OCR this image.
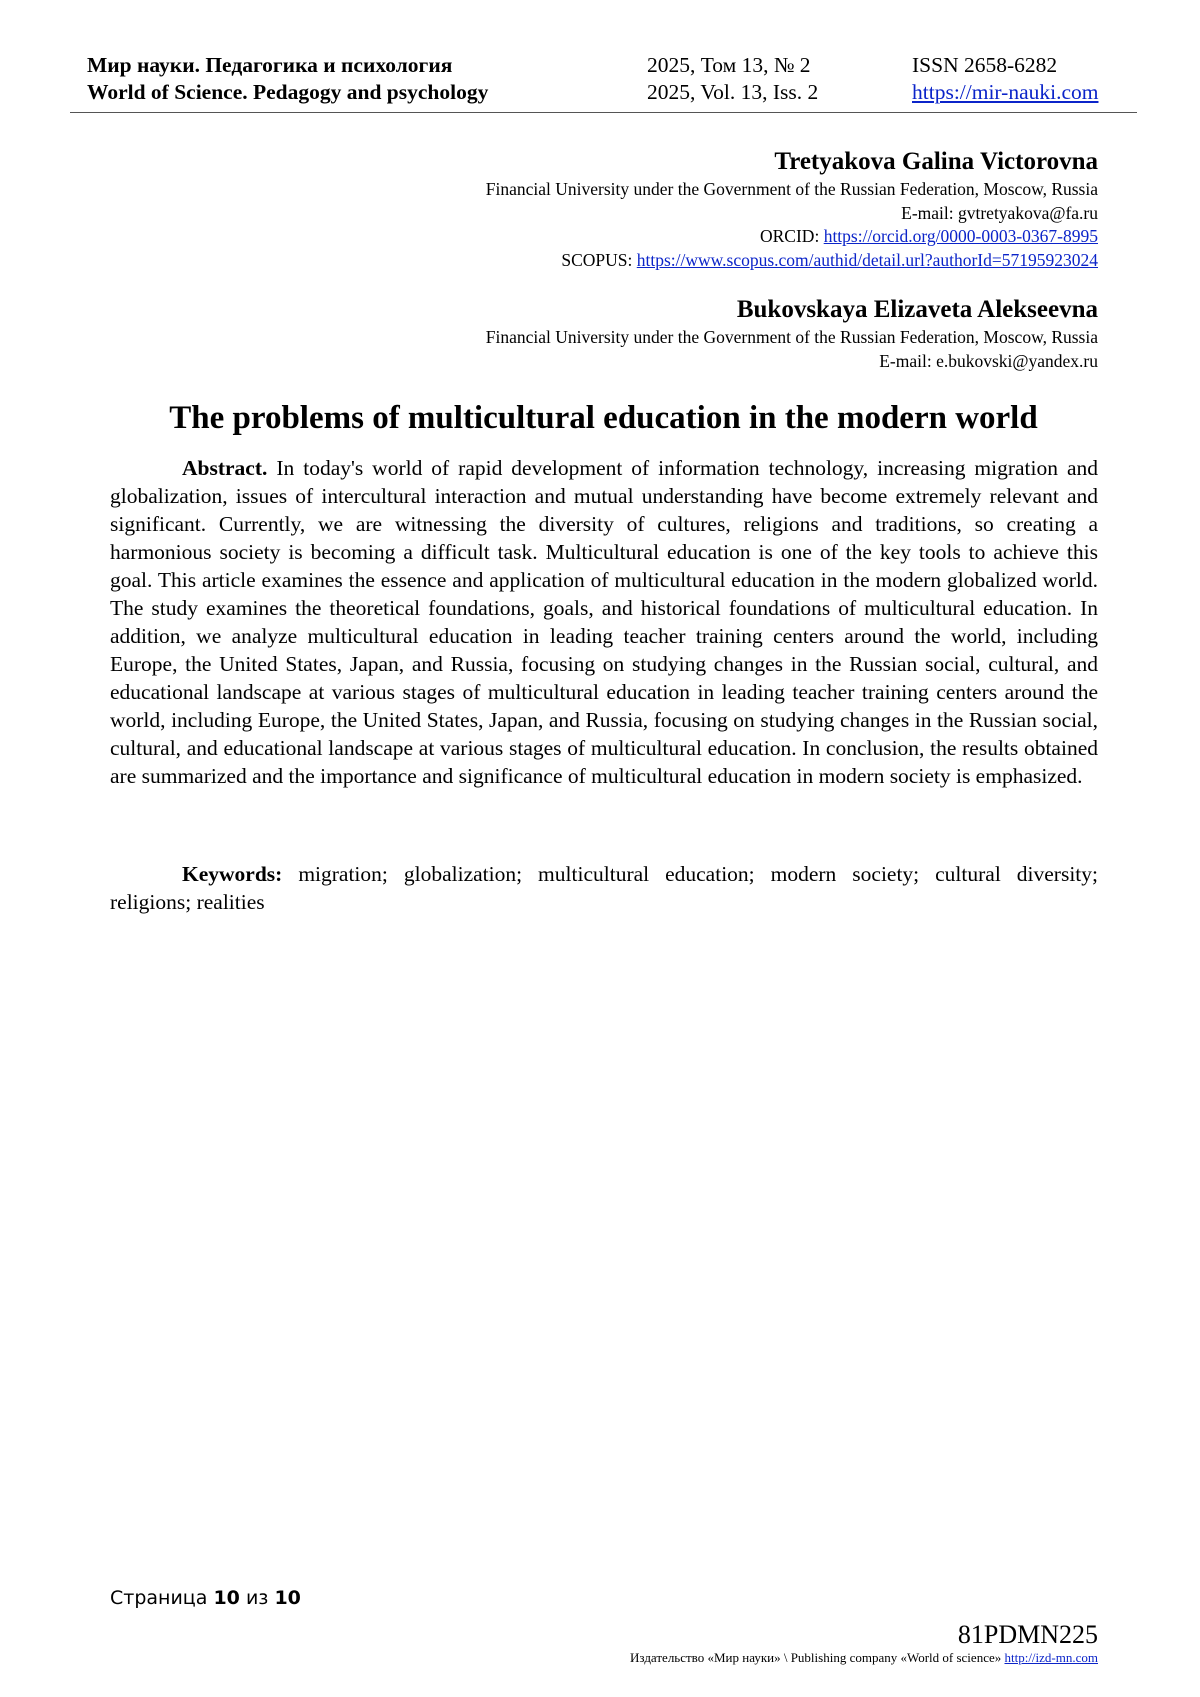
Мир науки. Педагогика и психология	2025, Том 13, № 2	ISSN 2658-6282
World of Science. Pedagogy and psychology	2025, Vol. 13, Iss. 2	https://mir-nauki.com
Tretyakova Galina Victorovna
Financial University under the Government of the Russian Federation, Moscow, Russia
E-mail: gvtretyakova@fa.ru
ORCID: https://orcid.org/0000-0003-0367-8995
SCOPUS: https://www.scopus.com/authid/detail.url?authorId=57195923024
Bukovskaya Elizaveta Alekseevna
Financial University under the Government of the Russian Federation, Moscow, Russia
E-mail: e.bukovski@yandex.ru
The problems of multicultural education in the modern world

Abstract. In today's world of rapid development of information technology, increasing migration and globalization, issues of intercultural interaction and mutual understanding have become extremely relevant and significant. Currently, we are witnessing the diversity of cultures, religions and traditions, so creating a harmonious society is becoming a difficult task. Multicultural education is one of the key tools to achieve this goal. This article examines the essence and application of multicultural education in the modern globalized world. The study examines the theoretical foundations, goals, and historical foundations of multicultural education. In addition, we analyze multicultural education in leading teacher training centers around the world, including Europe, the United States, Japan, and Russia, focusing on studying changes in the Russian social, cultural, and educational landscape at various stages of multicultural education in leading teacher training centers around the world, including Europe, the United States, Japan, and Russia, focusing on studying changes in the Russian social, cultural, and educational landscape at various stages of multicultural education. In conclusion, the results obtained are summarized and the importance and significance of multicultural education in modern society is emphasized.

Keywords: migration; globalization; multicultural education; modern society; cultural diversity; religions; realities

Страница 10 из 10
81PDMN225
Издательство «Мир науки» \ Publishing company «World of science» http://izd-mn.com
